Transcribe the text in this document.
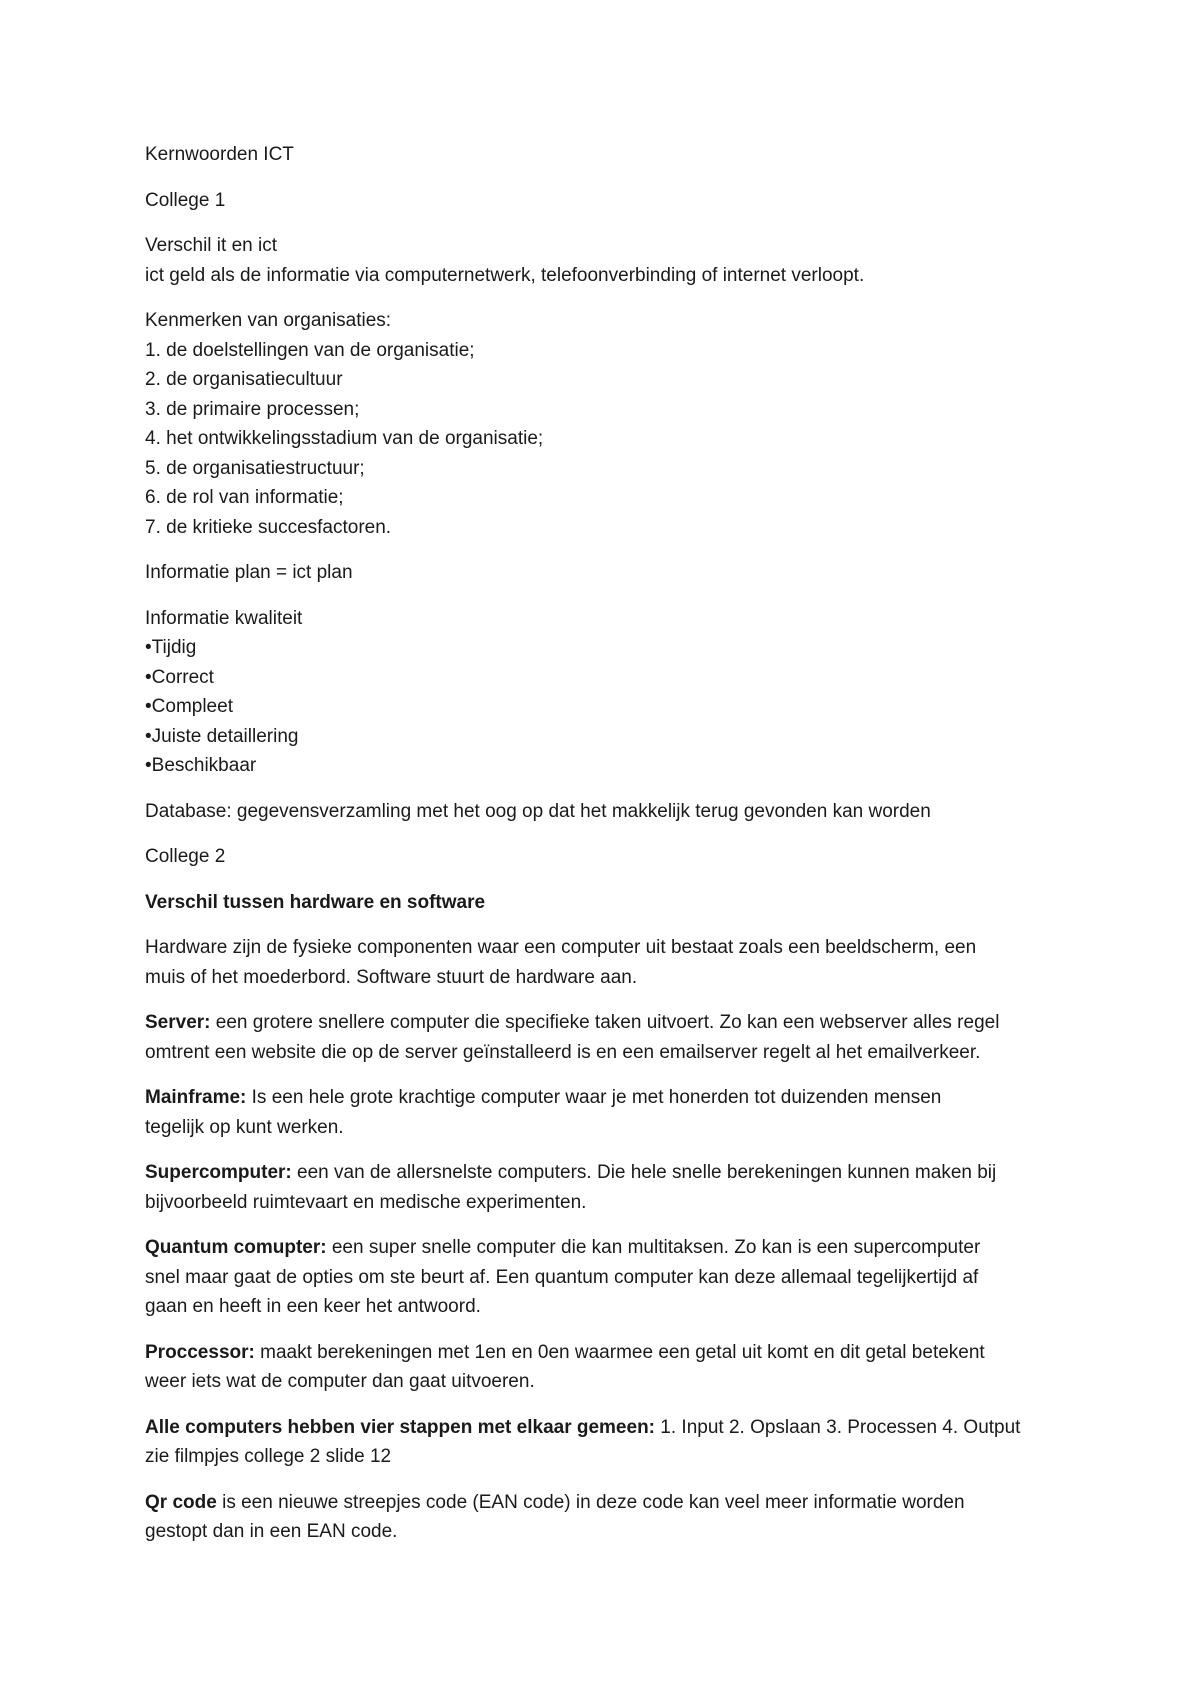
Kernwoorden ICT

College 1

Verschil it en ict
ict geld als de informatie via computernetwerk, telefoonverbinding of internet verloopt.

Kenmerken van organisaties:
1. de doelstellingen van de organisatie;
2. de organisatiecultuur
3. de primaire processen;
4. het ontwikkelingsstadium van de organisatie;
5. de organisatiestructuur;
6. de rol van informatie;
7. de kritieke succesfactoren.

Informatie plan = ict plan

Informatie kwaliteit
•Tijdig
•Correct
•Compleet
•Juiste detaillering
•Beschikbaar

Database: gegevensverzamling met het oog op dat het makkelijk terug gevonden kan worden

College 2

Verschil tussen hardware en software

Hardware zijn de fysieke componenten waar een computer uit bestaat zoals een beeldscherm, een
muis of het moederbord. Software stuurt de hardware aan.

Server: een grotere snellere computer die specifieke taken uitvoert. Zo kan een webserver alles regel
omtrent een website die op de server geïnstalleerd is en een emailserver regelt al het emailverkeer.

Mainframe: Is een hele grote krachtige computer waar je met honerden tot duizenden mensen
tegelijk op kunt werken.

Supercomputer: een van de allersnelste computers. Die hele snelle berekeningen kunnen maken bij
bijvoorbeeld ruimtevaart en medische experimenten.

Quantum comupter: een super snelle computer die kan multitaksen. Zo kan is een supercomputer
snel maar gaat de opties om ste beurt af. Een quantum computer kan deze allemaal tegelijkertijd af
gaan en heeft in een keer het antwoord.

Proccessor: maakt berekeningen met 1en en 0en waarmee een getal uit komt en dit getal betekent
weer iets wat de computer dan gaat uitvoeren.

Alle computers hebben vier stappen met elkaar gemeen: 1. Input 2. Opslaan 3. Processen 4. Output
zie filmpjes college 2 slide 12

Qr code is een nieuwe streepjes code (EAN code) in deze code kan veel meer informatie worden
gestopt dan in een EAN code.
